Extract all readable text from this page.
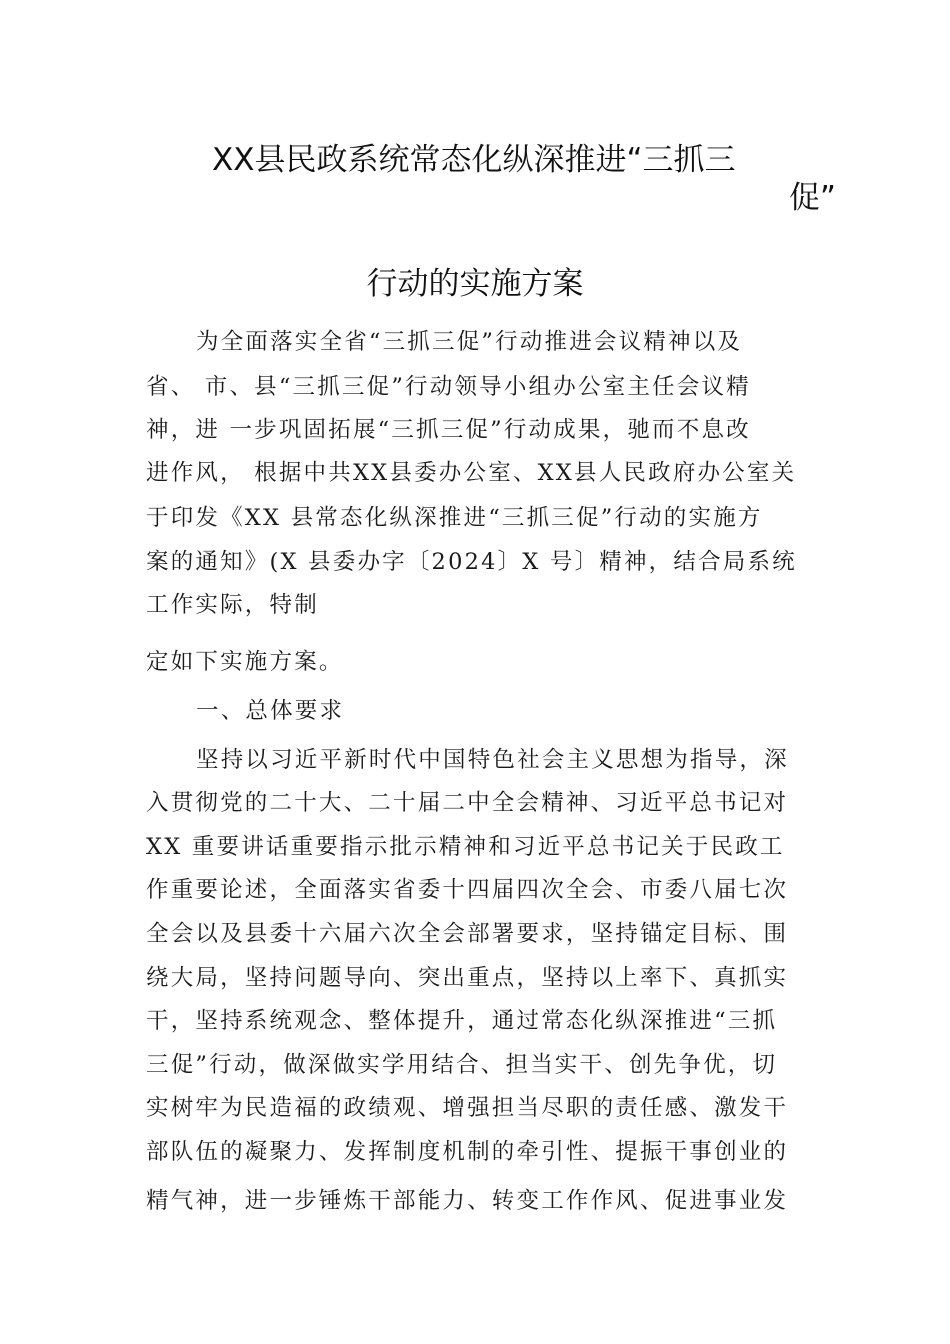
XX县民政系统常态化纵深推进“三抓三
促”
行动的实施方案
为全面落实全省“三抓三促”行动推进会议精神以及
省、 市、县“三抓三促”行动领导小组办公室主任会议精
神，进 一步巩固拓展“三抓三促”行动成果，驰而不息改
进作风， 根据中共XX县委办公室、XX县人民政府办公室关
于印发《XX 县常态化纵深推进“三抓三促”行动的实施方
案的通知》(X 县委办字〔2024〕X 号〕精神，结合局系统
工作实际，特制
定如下实施方案。
一、总体要求
坚持以习近平新时代中国特色社会主义思想为指导，深
入贯彻党的二十大、二十届二中全会精神、习近平总书记对
XX 重要讲话重要指示批示精神和习近平总书记关于民政工
作重要论述，全面落实省委十四届四次全会、市委八届七次
全会以及县委十六届六次全会部署要求，坚持锚定目标、围
绕大局，坚持问题导向、突出重点，坚持以上率下、真抓实
干，坚持系统观念、整体提升，通过常态化纵深推进“三抓
三促”行动，做深做实学用结合、担当实干、创先争优，切
实树牢为民造福的政绩观、增强担当尽职的责任感、激发干
部队伍的凝聚力、发挥制度机制的牵引性、提振干事创业的
精气神，进一步锤炼干部能力、转变工作作风、促进事业发
